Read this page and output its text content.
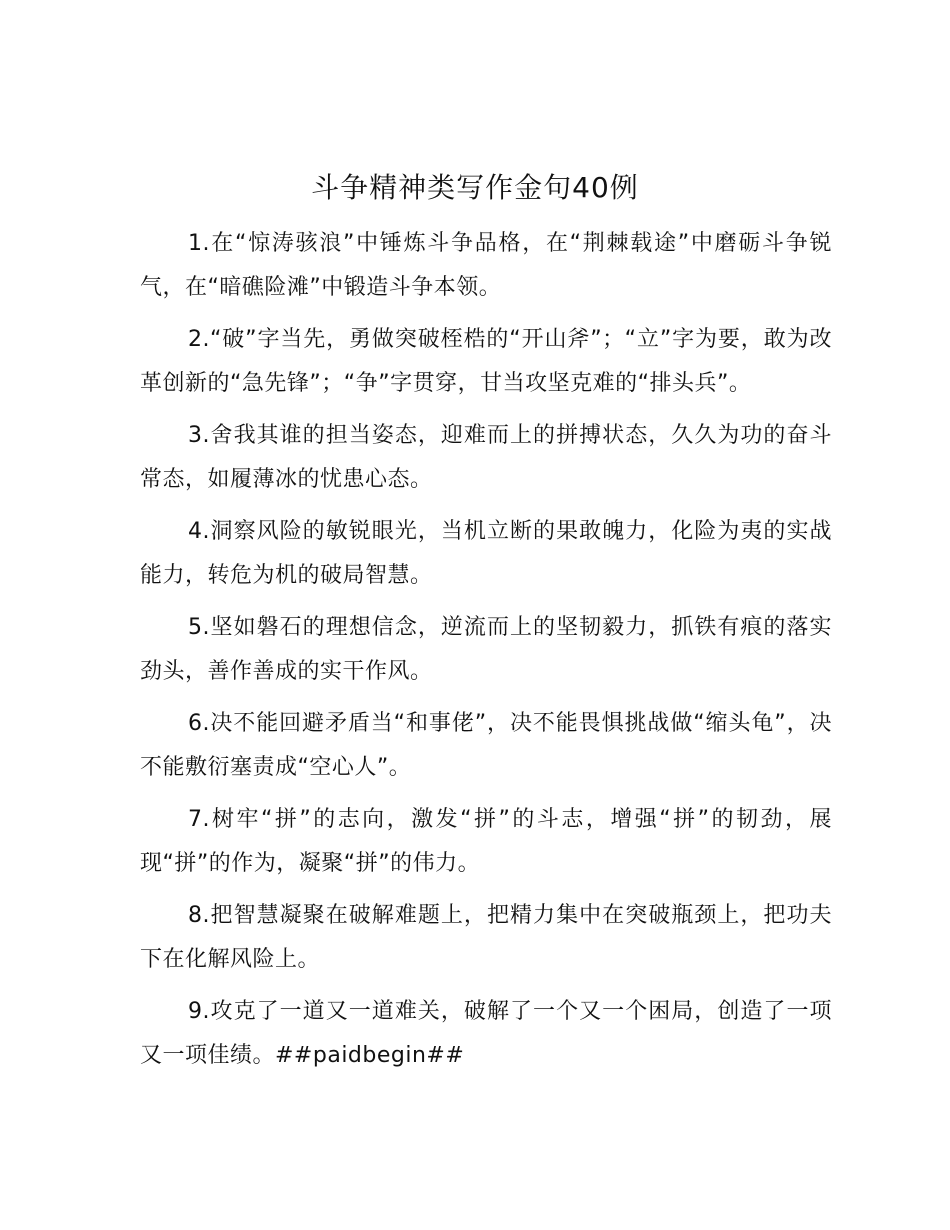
斗争精神类写作金句40例

1.在“惊涛骇浪”中锤炼斗争品格，在“荆棘载途”中磨砺斗争锐气，在“暗礁险滩”中锻造斗争本领。

2.“破”字当先，勇做突破桎梏的“开山斧”；“立”字为要，敢为改革创新的“急先锋”；“争”字贯穿，甘当攻坚克难的“排头兵”。

3.舍我其谁的担当姿态，迎难而上的拼搏状态，久久为功的奋斗常态，如履薄冰的忧患心态。

4.洞察风险的敏锐眼光，当机立断的果敢魄力，化险为夷的实战能力，转危为机的破局智慧。

5.坚如磐石的理想信念，逆流而上的坚韧毅力，抓铁有痕的落实劲头，善作善成的实干作风。

6.决不能回避矛盾当“和事佬”，决不能畏惧挑战做“缩头龟”，决不能敷衍塞责成“空心人”。

7.树牢“拼”的志向，激发“拼”的斗志，增强“拼”的韧劲，展现“拼”的作为，凝聚“拼”的伟力。

8.把智慧凝聚在破解难题上，把精力集中在突破瓶颈上，把功夫下在化解风险上。

9.攻克了一道又一道难关，破解了一个又一个困局，创造了一项又一项佳绩。##paidbegin##
